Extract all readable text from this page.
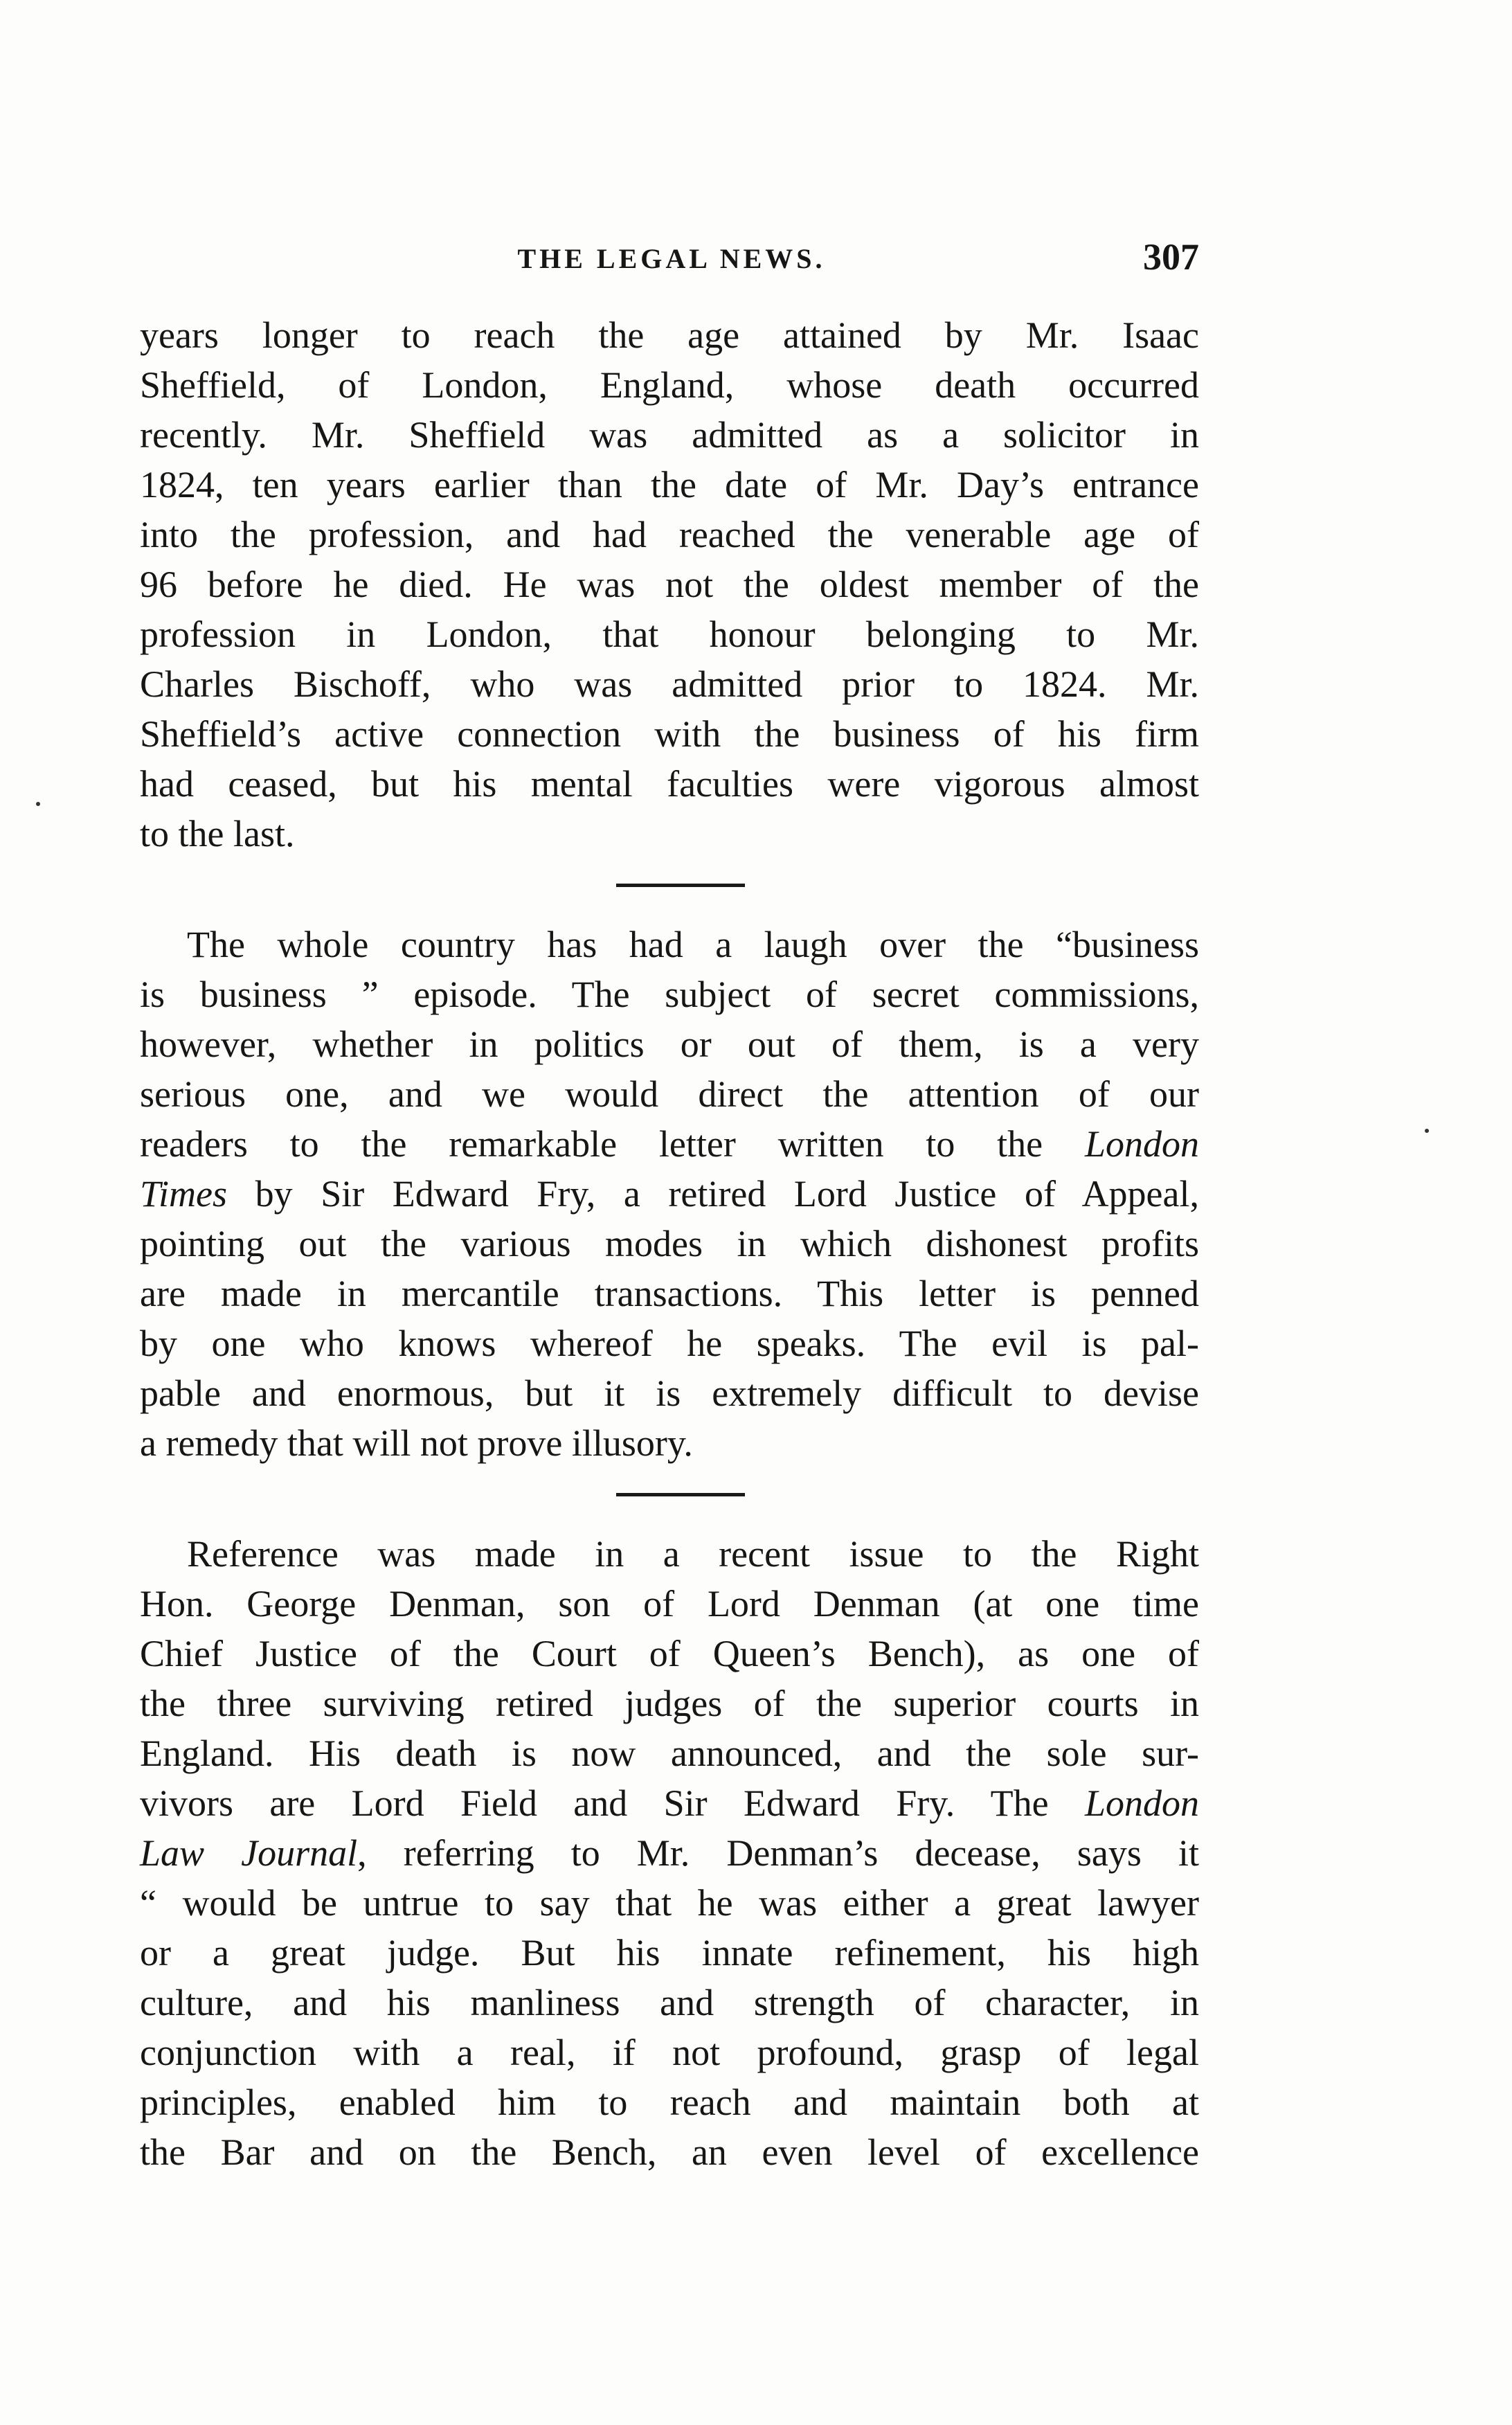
THE LEGAL NEWS.	307
years longer to reach the age attained by Mr. Isaac
Sheffield, of London, England, whose death occurred
recently. Mr. Sheffield was admitted as a solicitor in
1824, ten years earlier than the date of Mr. Day’s entrance
into the profession, and had reached the venerable age of
96 before he died. He was not the oldest member of the
profession in London, that honour belonging to Mr.
Charles Bischoff, who was admitted prior to 1824. Mr.
Sheffield’s active connection with the business of his firm
had ceased, but his mental faculties were vigorous almost
to the last.
The whole country has had a laugh over the “business
is business ” episode. The subject of secret commissions,
however, whether in politics or out of them, is a very
serious one, and we would direct the attention of our
readers to the remarkable letter written to the London
Times by Sir Edward Fry, a retired Lord Justice of Appeal,
pointing out the various modes in which dishonest profits
are made in mercantile transactions. This letter is penned
by one who knows whereof he speaks. The evil is pal-
pable and enormous, but it is extremely difficult to devise
a remedy that will not prove illusory.
Reference was made in a recent issue to the Right
Hon. George Denman, son of Lord Denman (at one time
Chief Justice of the Court of Queen’s Bench), as one of
the three surviving retired judges of the superior courts in
England. His death is now announced, and the sole sur-
vivors are Lord Field and Sir Edward Fry. The London
Law Journal, referring to Mr. Denman’s decease, says it
“ would be untrue to say that he was either a great lawyer
or a great judge. But his innate refinement, his high
culture, and his manliness and strength of character, in
conjunction with a real, if not profound, grasp of legal
principles, enabled him to reach and maintain both at
the Bar and on the Bench, an even level of excellence
